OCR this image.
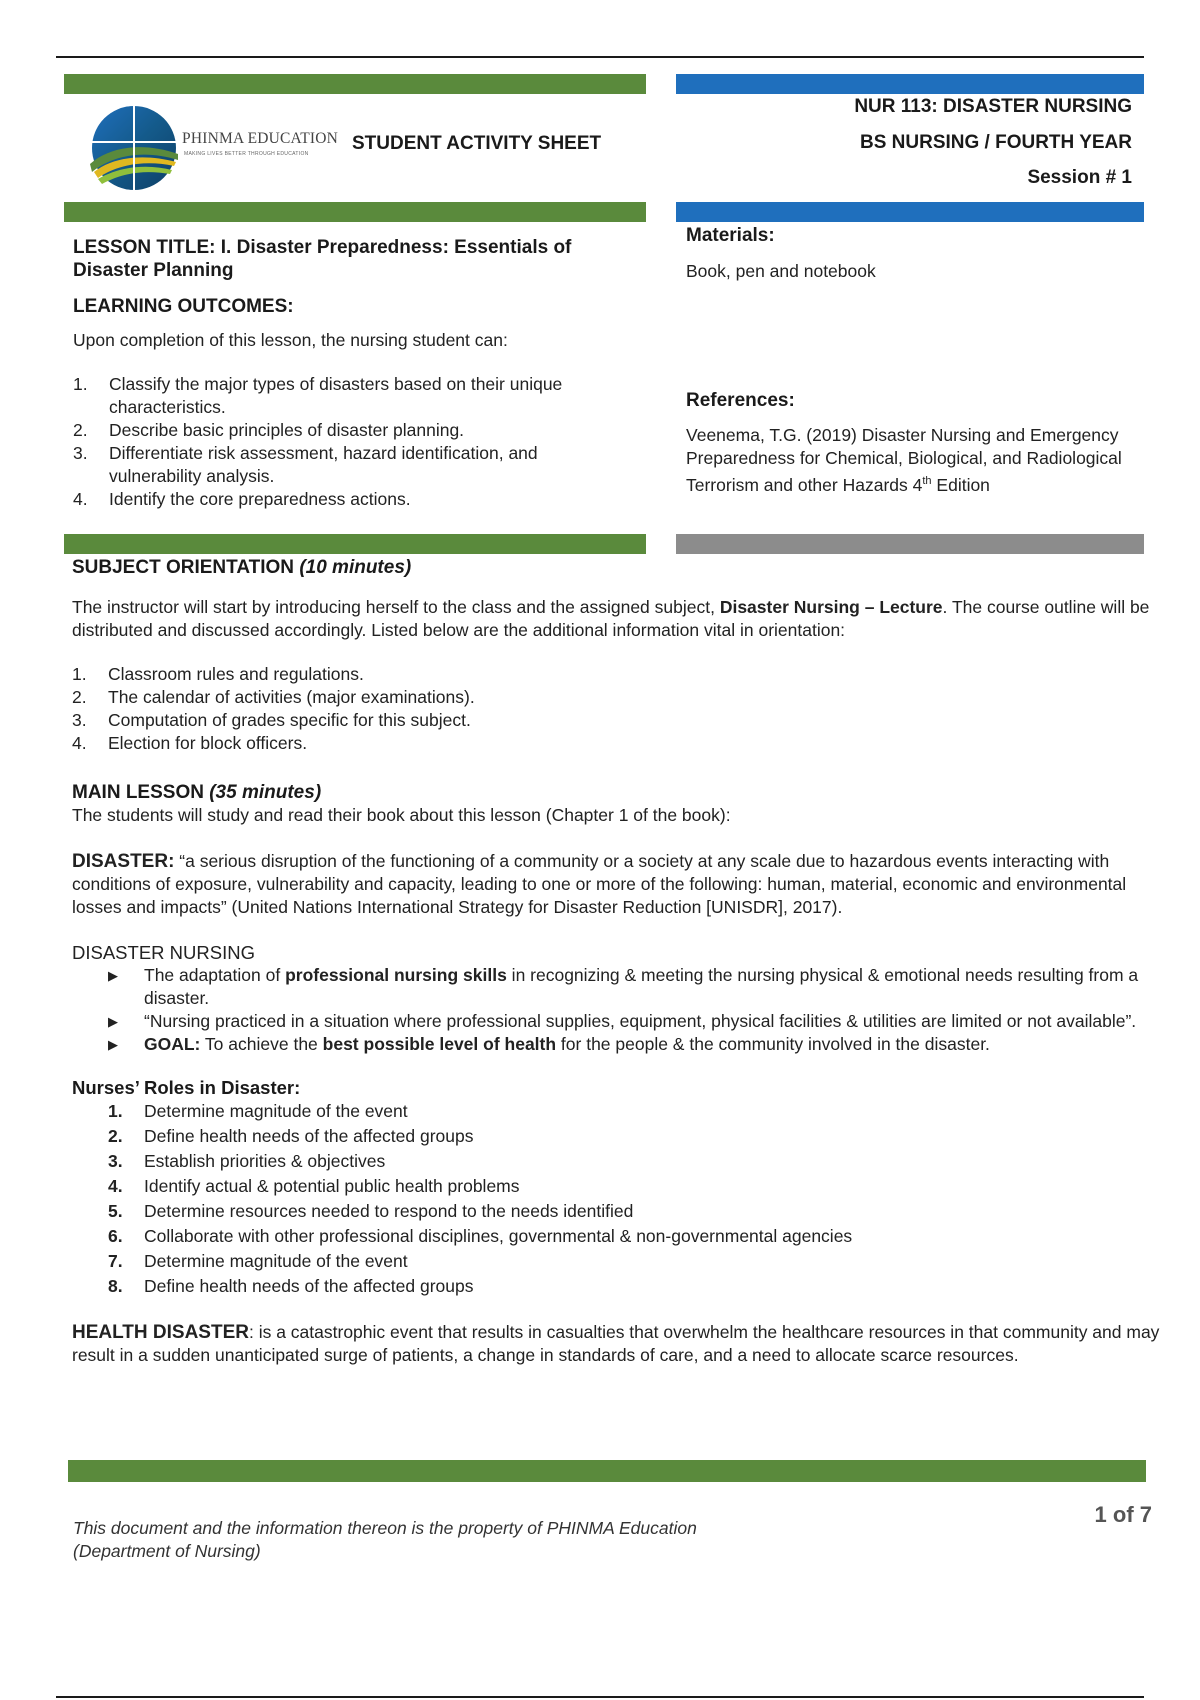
PHINMA EDUCATION
MAKING LIVES BETTER THROUGH EDUCATION STUDENT ACTIVITY SHEET
NUR 113: DISASTER NURSING
BS NURSING / FOURTH YEAR
Session # 1
LESSON TITLE: I. Disaster Preparedness: Essentials of Disaster Planning
LEARNING OUTCOMES:
Upon completion of this lesson, the nursing student can:
1. Classify the major types of disasters based on their unique characteristics.
2. Describe basic principles of disaster planning.
3. Differentiate risk assessment, hazard identification, and vulnerability analysis.
4. Identify the core preparedness actions.
Materials:
Book, pen and notebook
References:
Veenema, T.G. (2019) Disaster Nursing and Emergency Preparedness for Chemical, Biological, and Radiological Terrorism and other Hazards 4th Edition
SUBJECT ORIENTATION (10 minutes)
The instructor will start by introducing herself to the class and the assigned subject, Disaster Nursing – Lecture. The course outline will be distributed and discussed accordingly. Listed below are the additional information vital in orientation:
1. Classroom rules and regulations.
2. The calendar of activities (major examinations).
3. Computation of grades specific for this subject.
4. Election for block officers.
MAIN LESSON (35 minutes)
The students will study and read their book about this lesson (Chapter 1 of the book):
DISASTER: “a serious disruption of the functioning of a community or a society at any scale due to hazardous events interacting with conditions of exposure, vulnerability and capacity, leading to one or more of the following: human, material, economic and environmental losses and impacts” (United Nations International Strategy for Disaster Reduction [UNISDR], 2017).
DISASTER NURSING
▶ The adaptation of professional nursing skills in recognizing & meeting the nursing physical & emotional needs resulting from a disaster.
▶ “Nursing practiced in a situation where professional supplies, equipment, physical facilities & utilities are limited or not available”.
▶ GOAL: To achieve the best possible level of health for the people & the community involved in the disaster.
Nurses’ Roles in Disaster:
1. Determine magnitude of the event
2. Define health needs of the affected groups
3. Establish priorities & objectives
4. Identify actual & potential public health problems
5. Determine resources needed to respond to the needs identified
6. Collaborate with other professional disciplines, governmental & non-governmental agencies
7. Determine magnitude of the event
8. Define health needs of the affected groups
HEALTH DISASTER: is a catastrophic event that results in casualties that overwhelm the healthcare resources in that community and may result in a sudden unanticipated surge of patients, a change in standards of care, and a need to allocate scarce resources.
This document and the information thereon is the property of PHINMA Education (Department of Nursing)
1 of 7
